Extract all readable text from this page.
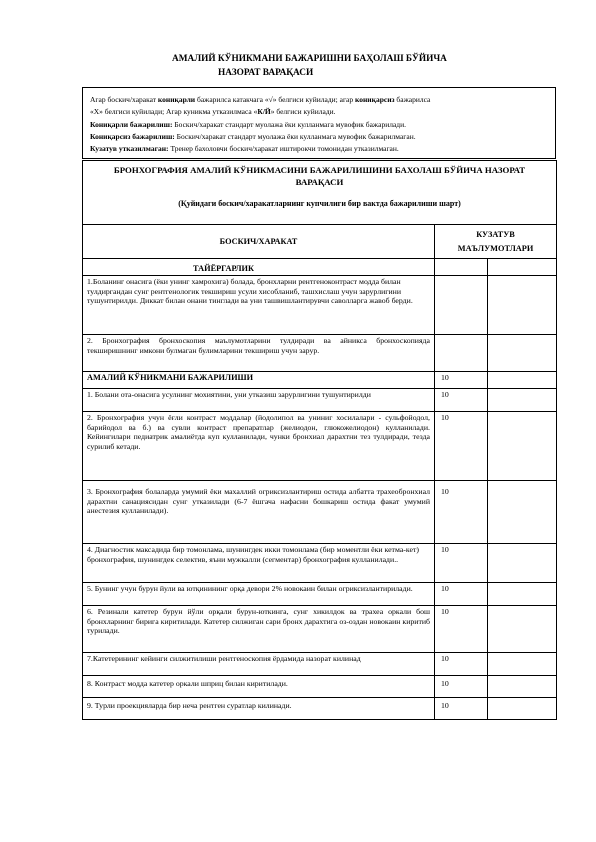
АМАЛИЙ КЎНИКМАНИ БАЖАРИШНИ БАҲОЛАШ БЎЙИЧА
НАЗОРАТ ВАРАҚАСИ
Агар боскич/харакат кониқарли бажарилса катакчага «√» белгиси куйилади; агар кониқарсиз бажарилса
«Х» белгиси куйилади; Агар куникма утказилмаса «К/Й» белгиси куйилади.
Кониқарли бажарилиш: Боскич/харакат стандарт муолажа ёки кулланмага мувофик бажарилади.
Кониқарсиз бажарилиш: Боскич/харакат стандарт муолажа ёки кулланмага мувофик бажарилмаган.
Кузатув утказилмаган: Тренер бахоловчи боскич/харакат иштирокчи томонидан утказилмаган.
БРОНХОГРАФИЯ АМАЛИЙ КЎНИКМАСИНИ БАЖАРИЛИШИНИ БАХОЛАШ БЎЙИЧА НАЗОРАТ ВАРАҚАСИ
(Қуйидаги боскич/харакатларнинг купчилиги бир вактда бажарилиши шарт)		

БОСКИЧ/ХАРАКАТ	КУЗАТУВ МАЪЛУМОТЛАРИ	
ТАЙЁРГАРЛИК		

1.Боланинг онасига (ёки унинг хамрохига) болада, бронхларни рентгеноконтраст модда билан тулдиргандан сунг рентгенологик текшириш усули хисобланиб, ташхислаш учун зарурлигини тушунтирилди. Диккат билан онани тинглади ва уни ташвишлантирувчи саволларга жавоб берди.		

2. Бронхография бронхоскопия маълумотларини тулдиради ва айникса бронхоскопияда текширишнинг имкони булмаган булимларини текшириш учун зарур.		

АМАЛИЙ КЎНИКМАНИ БАЖАРИЛИШИ	10	

1. Болани ота-онасига усулнинг мохиятини, уни утказиш зарурлигини тушунтирилди	10	

2. Бронхография учун ёғли контраст моддалар (йодолипол ва униниг хосилалари - сульфойодол, барийодол ва б.) ва сувли контраст препаратлар (желиодон, глюкожелиодон) кулланилади. Кейингилари педиатрик амалиётда куп кулланилади, чунки бронхиал дарахтни тез тулдиради, тезда сурилиб кетади.	10	

3. Бронхография болаларда умумий ёки махаллий огриксизлантириш остида албатта трахеобронхиал дарахтни санациясидан сунг утказилади (6-7 ёшгача нафасни бошкариш остида факат умумий анестезия кулланилади).	10	

4. Диагностик максадида бир томонлама, шунингдек икки томонлама (бир моментли ёки кетма-кет) бронхография, шунингдек селектив, яъни мужкалли (сегментар) бронхография кулланилади..	10	

5. Бунинг учун бурун йули ва ютқинининг орқа девори 2% новокаин билан огриксизлантирилади.	10	

6. Резинали катетер бурун йўли орқали бурун-юткинга, сунг хикилдок ва трахеа оркали бош бронхларнинг бирига киритилади. Катетер силжиган сари бронх дарахтига оз-оздан новокаин киритиб турилади.	10	

7.Катетерининг кейинги силжитилиши рентгеноскопия ёрдамида назорат килинад	10	

8. Контраст модда катетер оркали шприц билан киритилади.	10	

9. Турли проекцияларда бир неча рентген суратлар килинади.	10	
